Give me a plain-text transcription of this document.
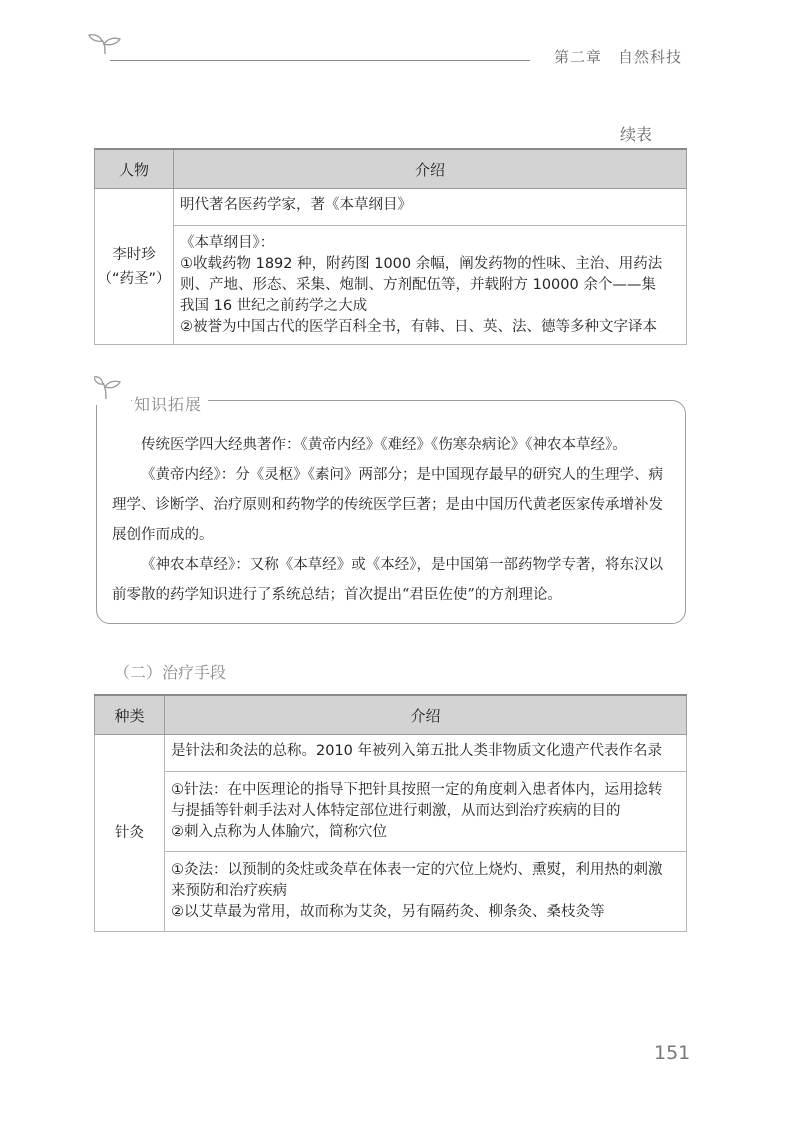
第二章 自然科技
续表
人物	介绍

李时珍
（“药圣”）	明代著名医药学家，著《本草纲目》

	《本草纲目》：
①收载药物 1892 种，附药图 1000 余幅，阐发药物的性味、主治、用药法
则、产地、形态、采集、炮制、方剂配伍等，并载附方 10000 余个——集
我国 16 世纪之前药学之大成
②被誉为中国古代的医学百科全书，有韩、日、英、法、德等多种文字译本
知识拓展

传统医学四大经典著作：《黄帝内经》《难经》《伤寒杂病论》《神农本草经》。

《黄帝内经》：分《灵枢》《素问》两部分；是中国现存最早的研究人的生理学、病理学、诊断学、治疗原则和药物学的传统医学巨著；是由中国历代黄老医家传承增补发展创作而成的。

《神农本草经》：又称《本草经》或《本经》，是中国第一部药物学专著，将东汉以前零散的药学知识进行了系统总结；首次提出“君臣佐使”的方剂理论。

（二）治疗手段
种类	介绍
针灸	是针法和灸法的总称。2010 年被列入第五批人类非物质文化遗产代表作名录

	①针法：在中医理论的指导下把针具按照一定的角度刺入患者体内，运用捻转
与提插等针刺手法对人体特定部位进行刺激，从而达到治疗疾病的目的
②刺入点称为人体腧穴，简称穴位

	①灸法：以预制的灸炷或灸草在体表一定的穴位上烧灼、熏熨，利用热的刺激
来预防和治疗疾病
②以艾草最为常用，故而称为艾灸，另有隔药灸、柳条灸、桑枝灸等
151
